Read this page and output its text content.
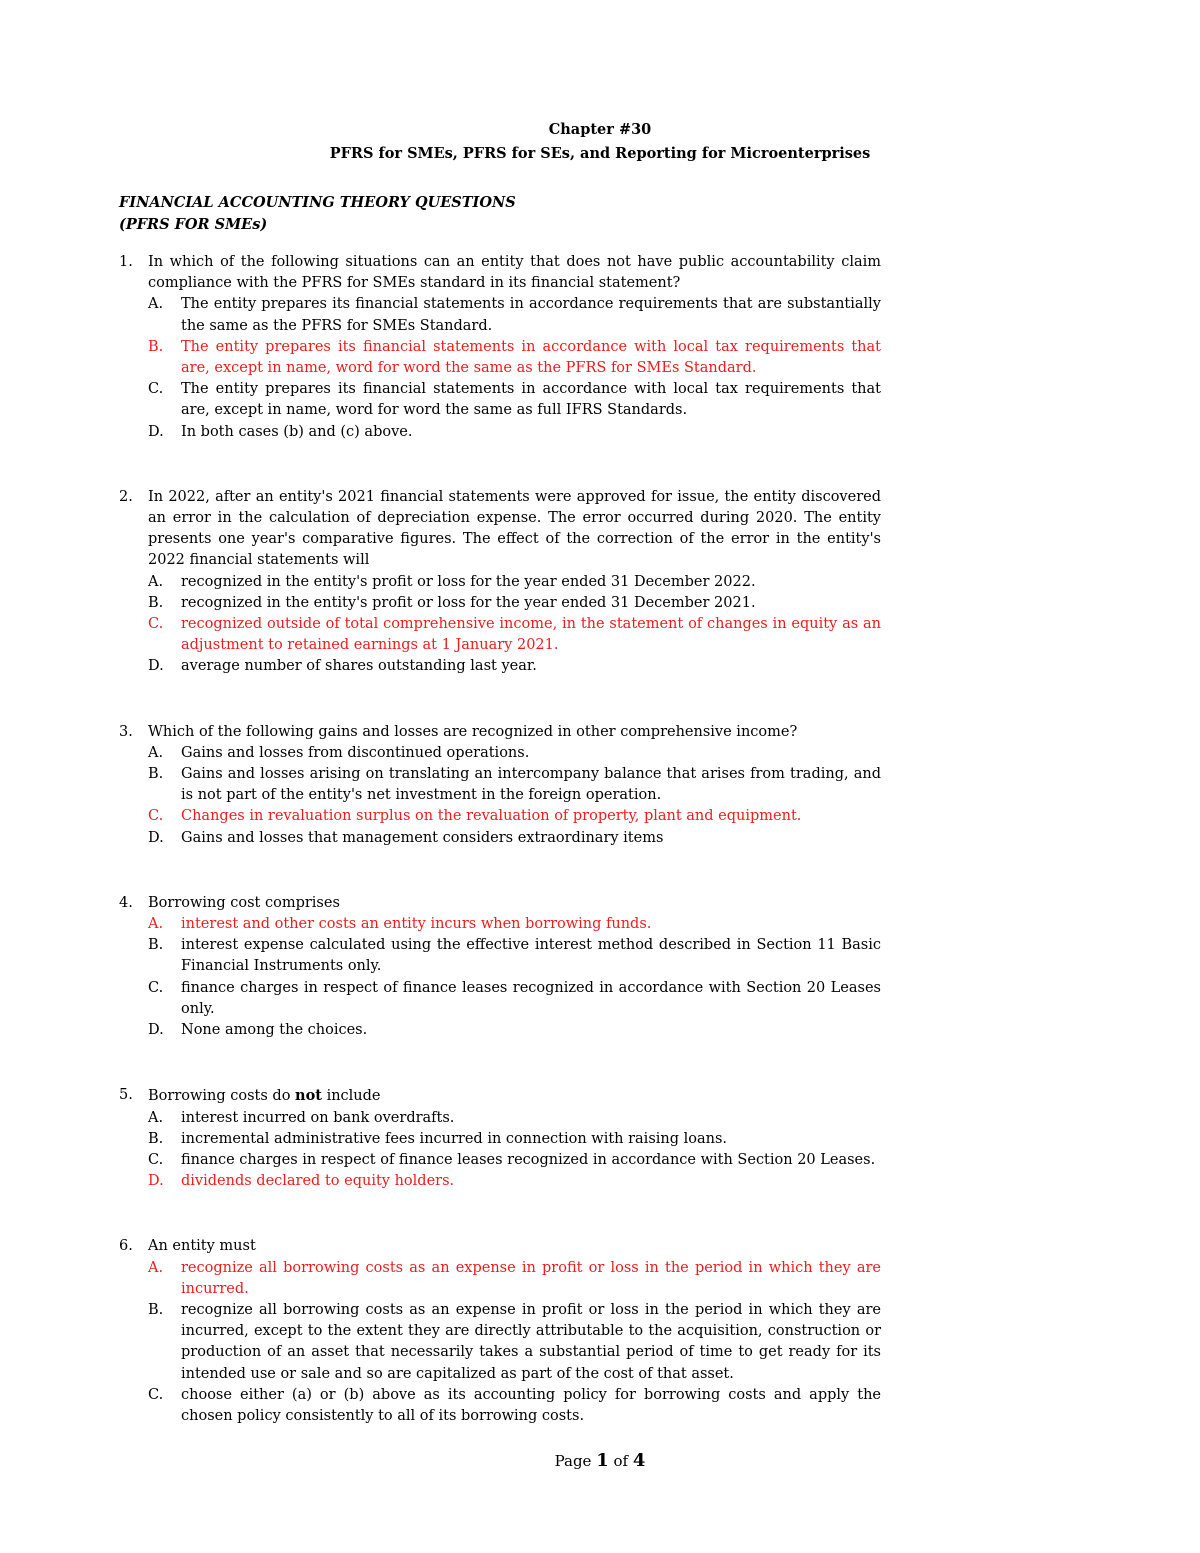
Chapter #30
PFRS for SMEs, PFRS for SEs, and Reporting for Microenterprises
FINANCIAL ACCOUNTING THEORY QUESTIONS
(PFRS FOR SMEs)
1. In which of the following situations can an entity that does not have public accountability claim compliance with the PFRS for SMEs standard in its financial statement?
A. The entity prepares its financial statements in accordance requirements that are substantially the same as the PFRS for SMEs Standard.
B. The entity prepares its financial statements in accordance with local tax requirements that are, except in name, word for word the same as the PFRS for SMEs Standard.
C. The entity prepares its financial statements in accordance with local tax requirements that are, except in name, word for word the same as full IFRS Standards.
D. In both cases (b) and (c) above.
2. In 2022, after an entity's 2021 financial statements were approved for issue, the entity discovered an error in the calculation of depreciation expense. The error occurred during 2020. The entity presents one year's comparative figures. The effect of the correction of the error in the entity's 2022 financial statements will
A. recognized in the entity's profit or loss for the year ended 31 December 2022.
B. recognized in the entity's profit or loss for the year ended 31 December 2021.
C. recognized outside of total comprehensive income, in the statement of changes in equity as an adjustment to retained earnings at 1 January 2021.
D. average number of shares outstanding last year.
3. Which of the following gains and losses are recognized in other comprehensive income?
A. Gains and losses from discontinued operations.
B. Gains and losses arising on translating an intercompany balance that arises from trading, and is not part of the entity's net investment in the foreign operation.
C. Changes in revaluation surplus on the revaluation of property, plant and equipment.
D. Gains and losses that management considers extraordinary items
4. Borrowing cost comprises
A. interest and other costs an entity incurs when borrowing funds.
B. interest expense calculated using the effective interest method described in Section 11 Basic Financial Instruments only.
C. finance charges in respect of finance leases recognized in accordance with Section 20 Leases only.
D. None among the choices.
5. Borrowing costs do not include
A. interest incurred on bank overdrafts.
B. incremental administrative fees incurred in connection with raising loans.
C. finance charges in respect of finance leases recognized in accordance with Section 20 Leases.
D. dividends declared to equity holders.
6. An entity must
A. recognize all borrowing costs as an expense in profit or loss in the period in which they are incurred.
B. recognize all borrowing costs as an expense in profit or loss in the period in which they are incurred, except to the extent they are directly attributable to the acquisition, construction or production of an asset that necessarily takes a substantial period of time to get ready for its intended use or sale and so are capitalized as part of the cost of that asset.
C. choose either (a) or (b) above as its accounting policy for borrowing costs and apply the chosen policy consistently to all of its borrowing costs.
Page 1 of 4
